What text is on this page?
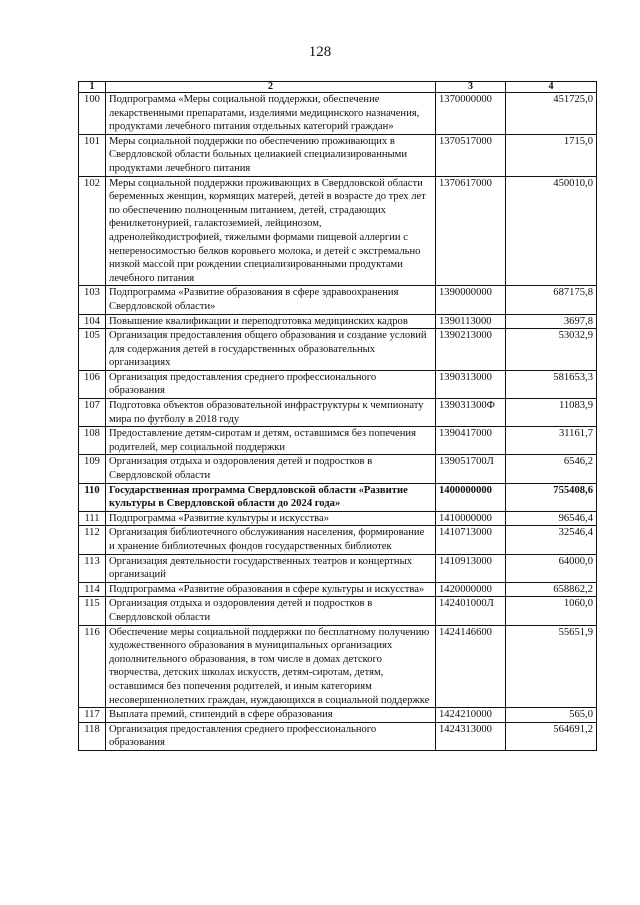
128
1	2	3	4
100	Подпрограмма «Меры социальной поддержки, обеспечение лекарственными препаратами, изделиями медицинского назначения, продуктами лечебного питания отдельных категорий граждан»	1370000000	451725,0
101	Меры социальной поддержки по обеспечению проживающих в Свердловской области больных целиакией специализированными продуктами лечебного питания	1370517000	1715,0
102	Меры социальной поддержки проживающих в Свердловской области беременных женщин, кормящих матерей, детей в возрасте до трех лет по обеспечению полноценным питанием, детей, страдающих фенилкетонурией, галактоземией, лейцинозом, адренолейкодистрофией, тяжелыми формами пищевой аллергии с непереносимостью белков коровьего молока, и детей с экстремально низкой массой при рождении специализированными продуктами лечебного питания	1370617000	450010,0
103	Подпрограмма «Развитие образования в сфере здравоохранения Свердловской области»	1390000000	687175,8
104	Повышение квалификации и переподготовка медицинских кадров	1390113000	3697,8
105	Организация предоставления общего образования и создание условий для содержания детей в государственных образовательных организациях	1390213000	53032,9
106	Организация предоставления среднего профессионального образования	1390313000	581653,3
107	Подготовка объектов образовательной инфраструктуры к чемпионату мира по футболу в 2018 году	139031300Ф	11083,9
108	Предоставление детям-сиротам и детям, оставшимся без попечения родителей, мер социальной поддержки	1390417000	31161,7
109	Организация отдыха и оздоровления детей и подростков в Свердловской области	139051700Л	6546,2
110	Государственная программа Свердловской области «Развитие культуры в Свердловской области до 2024 года»	1400000000	755408,6
111	Подпрограмма «Развитие культуры и искусства»	1410000000	96546,4
112	Организация библиотечного обслуживания населения, формирование и хранение библиотечных фондов государственных библиотек	1410713000	32546,4
113	Организация деятельности государственных театров и концертных организаций	1410913000	64000,0
114	Подпрограмма «Развитие образования в сфере культуры и искусства»	1420000000	658862,2
115	Организация отдыха и оздоровления детей и подростков в Свердловской области	142401000Л	1060,0
116	Обеспечение меры социальной поддержки по бесплатному получению художественного образования в муниципальных организациях дополнительного образования, в том числе в домах детского творчества, детских школах искусств, детям-сиротам, детям, оставшимся без попечения родителей, и иным категориям несовершеннолетних граждан, нуждающихся в социальной поддержке	1424146600	55651,9
117	Выплата премий, стипендий в сфере образования	1424210000	565,0
118	Организация предоставления среднего профессионального образования	1424313000	564691,2
